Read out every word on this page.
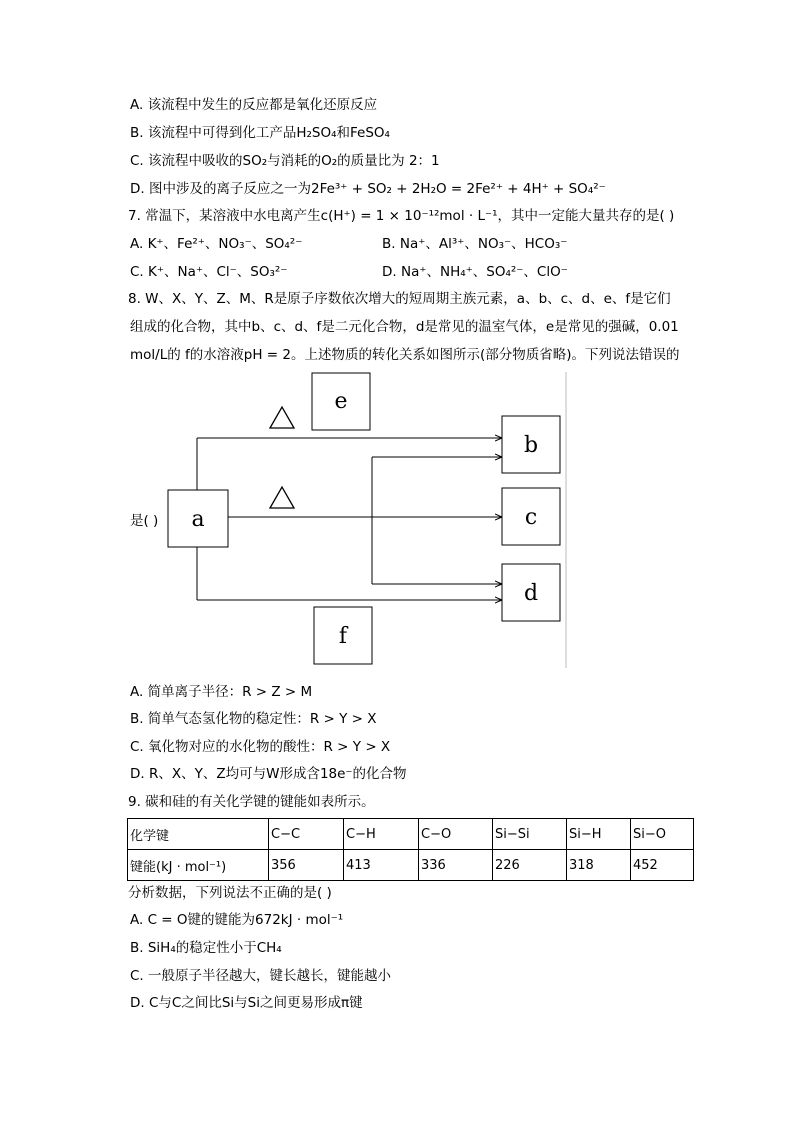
A. 该流程中发生的反应都是氧化还原反应
B. 该流程中可得到化工产品H₂SO₄和FeSO₄
C. 该流程中吸收的SO₂与消耗的O₂的质量比为 2：1
D. 图中涉及的离子反应之一为2Fe³⁺ + SO₂ + 2H₂O = 2Fe²⁺ + 4H⁺ + SO₄²⁻
7. 常温下，某溶液中水电离产生c(H⁺) = 1 × 10⁻¹²mol · L⁻¹，其中一定能大量共存的是( )
A. K⁺、Fe²⁺、NO₃⁻、SO₄²⁻	B. Na⁺、Al³⁺、NO₃⁻、HCO₃⁻
C. K⁺、Na⁺、Cl⁻、SO₃²⁻	D. Na⁺、NH₄⁺、SO₄²⁻、ClO⁻
8. W、X、Y、Z、M、R是原子序数依次增大的短周期主族元素，a、b、c、d、e、f是它们
组成的化合物，其中b、c、d、f是二元化合物，d是常见的温室气体，e是常见的强碱，0.01
mol/L的 f的水溶液pH = 2。上述物质的转化关系如图所示(部分物质省略)。下列说法错误的
是( ) a
e
b
c
d
f
A. 简单离子半径：R > Z > M
B. 简单气态氢化物的稳定性：R > Y > X
C. 氧化物对应的水化物的酸性：R > Y > X
D. R、X、Y、Z均可与W形成含18e⁻的化合物
9. 碳和硅的有关化学键的键能如表所示。
化学键	C−C	C−H	C−O	Si−Si	Si−H	Si−O
键能(kJ · mol⁻¹)	356	413	336	226	318	452
分析数据，下列说法不正确的是( )
A. C = O键的键能为672kJ · mol⁻¹
B. SiH₄的稳定性小于CH₄
C. 一般原子半径越大，键长越长，键能越小
D. C与C之间比Si与Si之间更易形成π键
